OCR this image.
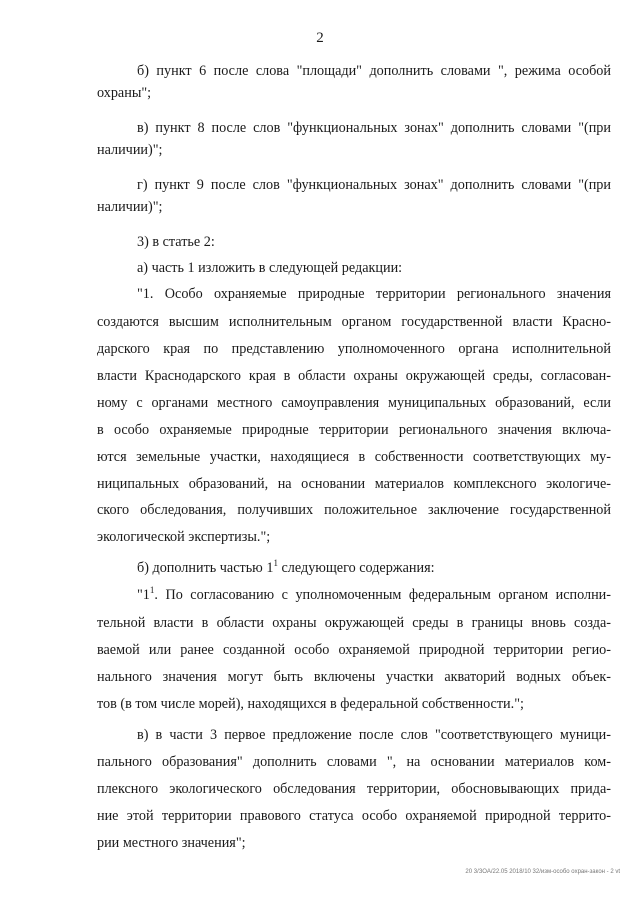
2
б) пункт 6 после слова "площади" дополнить словами ", режима особой
охраны";
в) пункт 8 после слов "функциональных зонах" дополнить словами "(при
наличии)";
г) пункт 9 после слов "функциональных зонах" дополнить словами "(при
наличии)";
3) в статье 2:
а) часть 1 изложить в следующей редакции:
"1. Особо охраняемые природные территории регионального значения
создаются высшим исполнительным органом государственной власти Красно-
дарского края по представлению уполномоченного органа исполнительной
власти Краснодарского края в области охраны окружающей среды, согласован-
ному с органами местного самоуправления муниципальных образований, если
в особо охраняемые природные территории регионального значения включа-
ются земельные участки, находящиеся в собственности соответствующих му-
ниципальных образований, на основании материалов комплексного экологиче-
ского обследования, получивших положительное заключение государственной
экологической экспертизы.";
б) дополнить частью $1^1$ следующего содержания:
"$1^1$. По согласованию с уполномоченным федеральным органом исполни-
тельной власти в области охраны окружающей среды в границы вновь созда-
ваемой или ранее созданной особо охраняемой природной территории регио-
нального значения могут быть включены участки акваторий водных объек-
тов (в том числе морей), находящихся в федеральной собственности.";
в) в части 3 первое предложение после слов "соответствующего муници-
пального образования" дополнить словами ", на основании материалов ком-
плексного экологического обследования территории, обосновывающих прида-
ние этой территории правового статуса особо охраняемой природной террито-
рии местного значения";
20 3/ЗОА/22.05 2018/10 32/изм-особо охран-закон - 2 vt
